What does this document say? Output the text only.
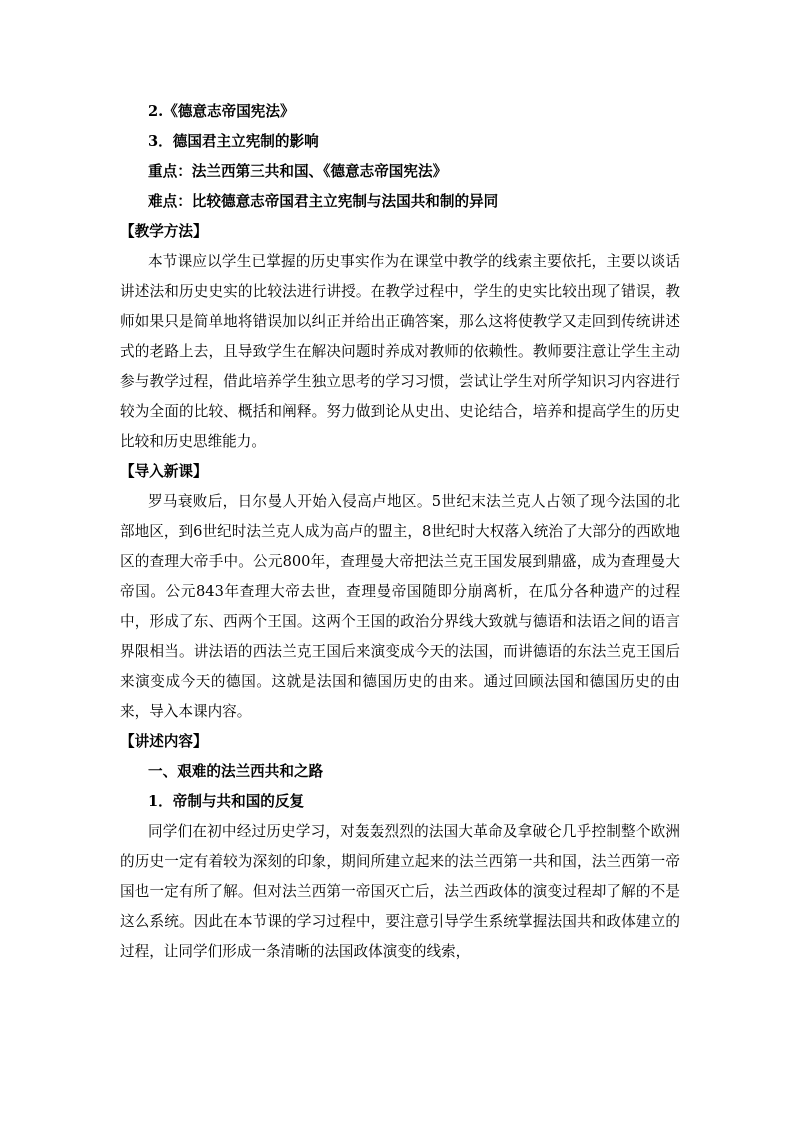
2.《德意志帝国宪法》
3．德国君主立宪制的影响
重点：法兰西第三共和国、《德意志帝国宪法》
难点：比较德意志帝国君主立宪制与法国共和制的异同
【教学方法】
本节课应以学生已掌握的历史事实作为在课堂中教学的线索主要依托，主要以谈话讲述法和历史史实的比较法进行讲授。在教学过程中，学生的史实比较出现了错误，教师如果只是简单地将错误加以纠正并给出正确答案，那么这将使教学又走回到传统讲述式的老路上去，且导致学生在解决问题时养成对教师的依赖性。教师要注意让学生主动参与教学过程，借此培养学生独立思考的学习习惯，尝试让学生对所学知识习内容进行较为全面的比较、概括和阐释。努力做到论从史出、史论结合，培养和提高学生的历史比较和历史思维能力。
【导入新课】
罗马衰败后，日尔曼人开始入侵高卢地区。5世纪末法兰克人占领了现今法国的北部地区，到6世纪时法兰克人成为高卢的盟主，8世纪时大权落入统治了大部分的西欧地区的查理大帝手中。公元800年，查理曼大帝把法兰克王国发展到鼎盛，成为查理曼大帝国。公元843年查理大帝去世，查理曼帝国随即分崩离析，在瓜分各种遗产的过程中，形成了东、西两个王国。这两个王国的政治分界线大致就与德语和法语之间的语言界限相当。讲法语的西法兰克王国后来演变成今天的法国，而讲德语的东法兰克王国后来演变成今天的德国。这就是法国和德国历史的由来。通过回顾法国和德国历史的由来，导入本课内容。
【讲述内容】
一、艰难的法兰西共和之路
1．帝制与共和国的反复
同学们在初中经过历史学习，对轰轰烈烈的法国大革命及拿破仑几乎控制整个欧洲的历史一定有着较为深刻的印象，期间所建立起来的法兰西第一共和国，法兰西第一帝国也一定有所了解。但对法兰西第一帝国灭亡后，法兰西政体的演变过程却了解的不是这么系统。因此在本节课的学习过程中，要注意引导学生系统掌握法国共和政体建立的过程，让同学们形成一条清晰的法国政体演变的线索，
